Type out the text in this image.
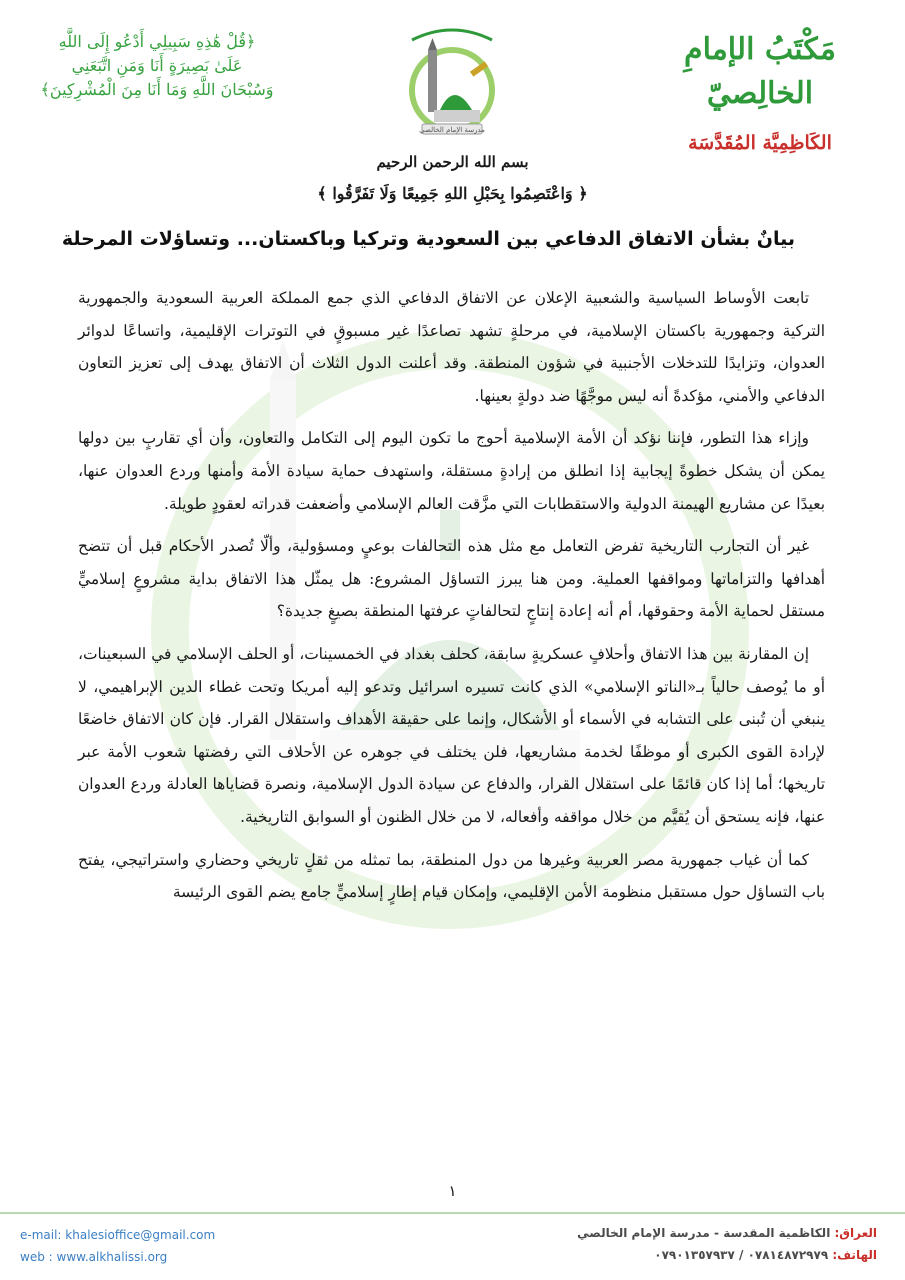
مَكْتَبُ الإمامِ الخالِصيّ
الكَاظِمِيَّة المُقَدَّسَة
مدرسة الإمام الخالصي
﴿قُلْ هَٰذِهِ سَبِيلِي أَدْعُو إِلَى اللَّهِ
عَلَىٰ بَصِيرَةٍ أَنَا وَمَنِ اتَّبَعَنِي
وَسُبْحَانَ اللَّهِ وَمَا أَنَا مِنَ الْمُشْرِكِينَ﴾
بسم الله الرحمن الرحيم
﴿ وَاعْتَصِمُوا بِحَبْلِ اللهِ جَمِيعًا وَلَا تَفَرَّقُوا ﴾
بيانٌ بشأن الاتفاق الدفاعي بين السعودية وتركيا وباكستان... وتساؤلات المرحلة

تابعت الأوساط السياسية والشعبية الإعلان عن الاتفاق الدفاعي الذي جمع المملكة العربية السعودية والجمهورية التركية وجمهورية باكستان الإسلامية، في مرحلةٍ تشهد تصاعدًا غير مسبوقٍ في التوترات الإقليمية، واتساعًا لدوائر العدوان، وتزايدًا للتدخلات الأجنبية في شؤون المنطقة. وقد أعلنت الدول الثلاث أن الاتفاق يهدف إلى تعزيز التعاون الدفاعي والأمني، مؤكدةً أنه ليس موجَّهًا ضد دولةٍ بعينها.

وإزاء هذا التطور، فإننا نؤكد أن الأمة الإسلامية أحوج ما تكون اليوم إلى التكامل والتعاون، وأن أي تقاربٍ بين دولها يمكن أن يشكل خطوةً إيجابية إذا انطلق من إرادةٍ مستقلة، واستهدف حماية سيادة الأمة وأمنها وردع العدوان عنها، بعيدًا عن مشاريع الهيمنة الدولية والاستقطابات التي مزَّقت العالم الإسلامي وأضعفت قدراته لعقودٍ طويلة.

غير أن التجارب التاريخية تفرض التعامل مع مثل هذه التحالفات بوعيٍ ومسؤولية، وألّا تُصدر الأحكام قبل أن تتضح أهدافها والتزاماتها ومواقفها العملية. ومن هنا يبرز التساؤل المشروع: هل يمثّل هذا الاتفاق بداية مشروعٍ إسلاميٍّ مستقل لحماية الأمة وحقوقها، أم أنه إعادة إنتاجٍ لتحالفاتٍ عرفتها المنطقة بصيغٍ جديدة؟

إن المقارنة بين هذا الاتفاق وأحلافٍ عسكريةٍ سابقة، كحلف بغداد في الخمسينات، أو الحلف الإسلامي في السبعينات، أو ما يُوصف حالياً بـ«الناتو الإسلامي» الذي كانت تسيره اسرائيل وتدعو إليه أمريكا وتحت غطاء الدين الإبراهيمي، لا ينبغي أن تُبنى على التشابه في الأسماء أو الأشكال، وإنما على حقيقة الأهداف واستقلال القرار. فإن كان الاتفاق خاضعًا لإرادة القوى الكبرى أو موظفًا لخدمة مشاريعها، فلن يختلف في جوهره عن الأحلاف التي رفضتها شعوب الأمة عبر تاريخها؛ أما إذا كان قائمًا على استقلال القرار، والدفاع عن سيادة الدول الإسلامية، ونصرة قضاياها العادلة وردع العدوان عنها، فإنه يستحق أن يُقيَّم من خلال مواقفه وأفعاله، لا من خلال الظنون أو السوابق التاريخية.

كما أن غياب جمهورية مصر العربية وغيرها من دول المنطقة، بما تمثله من ثقلٍ تاريخي وحضاري واستراتيجي، يفتح باب التساؤل حول مستقبل منظومة الأمن الإقليمي، وإمكان قيام إطارٍ إسلاميٍّ جامع يضم القوى الرئيسة

١
العراق: الكاظمية المقدسة - مدرسة الإمام الخالصي
الهاتف: ٠٧٨١٤٨٧٢٩٧٩ / ٠٧٩٠١٣٥٧٩٣٧
e-mail: khalesioffice@gmail.com
web : www.alkhalissi.org
